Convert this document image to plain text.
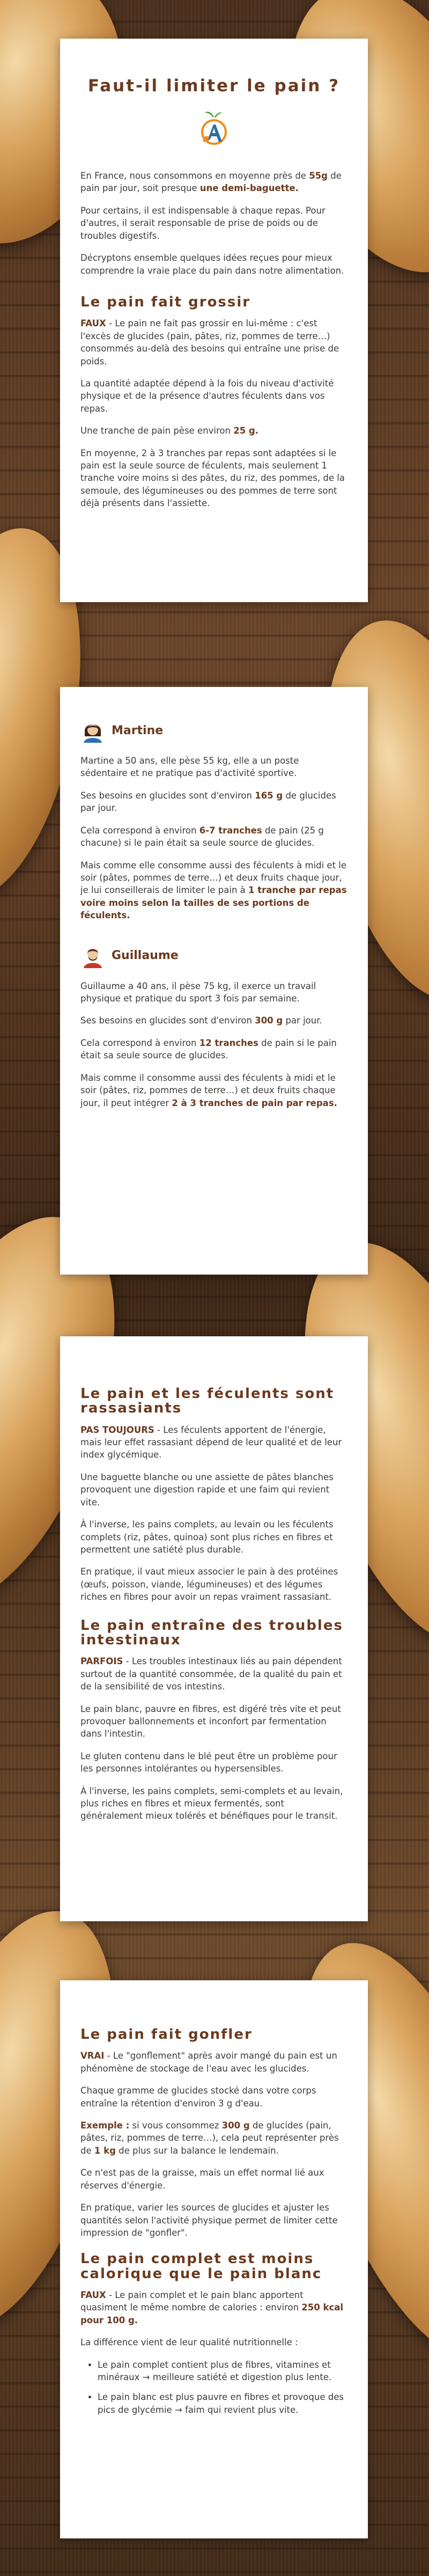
Faut-il limiter le pain ?

En France, nous consommons en moyenne près de 55g de pain par jour, soit presque une demi-baguette.

Pour certains, il est indispensable à chaque repas. Pour d'autres, il serait responsable de prise de poids ou de troubles digestifs.

Décryptons ensemble quelques idées reçues pour mieux comprendre la vraie place du pain dans notre alimentation.

Le pain fait grossir

FAUX - Le pain ne fait pas grossir en lui-même : c'est l'excès de glucides (pain, pâtes, riz, pommes de terre…) consommés au-delà des besoins qui entraîne une prise de poids.

La quantité adaptée dépend à la fois du niveau d'activité physique et de la présence d'autres féculents dans vos repas.

Une tranche de pain pèse environ 25 g.

En moyenne, 2 à 3 tranches par repas sont adaptées si le pain est la seule source de féculents, mais seulement 1 tranche voire moins si des pâtes, du riz, des pommes, de la semoule, des légumineuses ou des pommes de terre sont déjà présents dans l'assiette.

Martine

Martine a 50 ans, elle pèse 55 kg, elle a un poste sédentaire et ne pratique pas d'activité sportive.

Ses besoins en glucides sont d'environ 165 g de glucides par jour.

Cela correspond à environ 6-7 tranches de pain (25 g chacune) si le pain était sa seule source de glucides.

Mais comme elle consomme aussi des féculents à midi et le soir (pâtes, pommes de terre…) et deux fruits chaque jour, je lui conseillerais de limiter le pain à 1 tranche par repas voire moins selon la tailles de ses portions de féculents.

Guillaume

Guillaume a 40 ans, il pèse 75 kg, il exerce un travail physique et pratique du sport 3 fois par semaine.

Ses besoins en glucides sont d'environ 300 g par jour.

Cela correspond à environ 12 tranches de pain si le pain était sa seule source de glucides.

Mais comme il consomme aussi des féculents à midi et le soir (pâtes, riz, pommes de terre…) et deux fruits chaque jour, il peut intégrer 2 à 3 tranches de pain par repas.

Le pain et les féculents sont rassasiants

PAS TOUJOURS - Les féculents apportent de l'énergie, mais leur effet rassasiant dépend de leur qualité et de leur index glycémique.

Une baguette blanche ou une assiette de pâtes blanches provoquent une digestion rapide et une faim qui revient vite.

À l'inverse, les pains complets, au levain ou les féculents complets (riz, pâtes, quinoa) sont plus riches en fibres et permettent une satiété plus durable.

En pratique, il vaut mieux associer le pain à des protéines (œufs, poisson, viande, légumineuses) et des légumes riches en fibres pour avoir un repas vraiment rassasiant.

Le pain entraîne des troubles intestinaux

PARFOIS - Les troubles intestinaux liés au pain dépendent surtout de la quantité consommée, de la qualité du pain et de la sensibilité de vos intestins.

Le pain blanc, pauvre en fibres, est digéré très vite et peut provoquer ballonnements et inconfort par fermentation dans l'intestin.

Le gluten contenu dans le blé peut être un problème pour les personnes intolérantes ou hypersensibles.

À l'inverse, les pains complets, semi-complets et au levain, plus riches en fibres et mieux fermentés, sont généralement mieux tolérés et bénéfiques pour le transit.

Le pain fait gonfler

VRAI - Le "gonflement" après avoir mangé du pain est un phénomène de stockage de l'eau avec les glucides.

Chaque gramme de glucides stocké dans votre corps entraîne la rétention d'environ 3 g d'eau.

Exemple : si vous consommez 300 g de glucides (pain, pâtes, riz, pommes de terre…), cela peut représenter près de 1 kg de plus sur la balance le lendemain.

Ce n'est pas de la graisse, mais un effet normal lié aux réserves d'énergie.

En pratique, varier les sources de glucides et ajuster les quantités selon l'activité physique permet de limiter cette impression de "gonfler".

Le pain complet est moins calorique que le pain blanc

FAUX - Le pain complet et le pain blanc apportent quasiment le même nombre de calories : environ 250 kcal pour 100 g.

La différence vient de leur qualité nutritionnelle :

• Le pain complet contient plus de fibres, vitamines et minéraux → meilleure satiété et digestion plus lente.
• Le pain blanc est plus pauvre en fibres et provoque des pics de glycémie → faim qui revient plus vite.
